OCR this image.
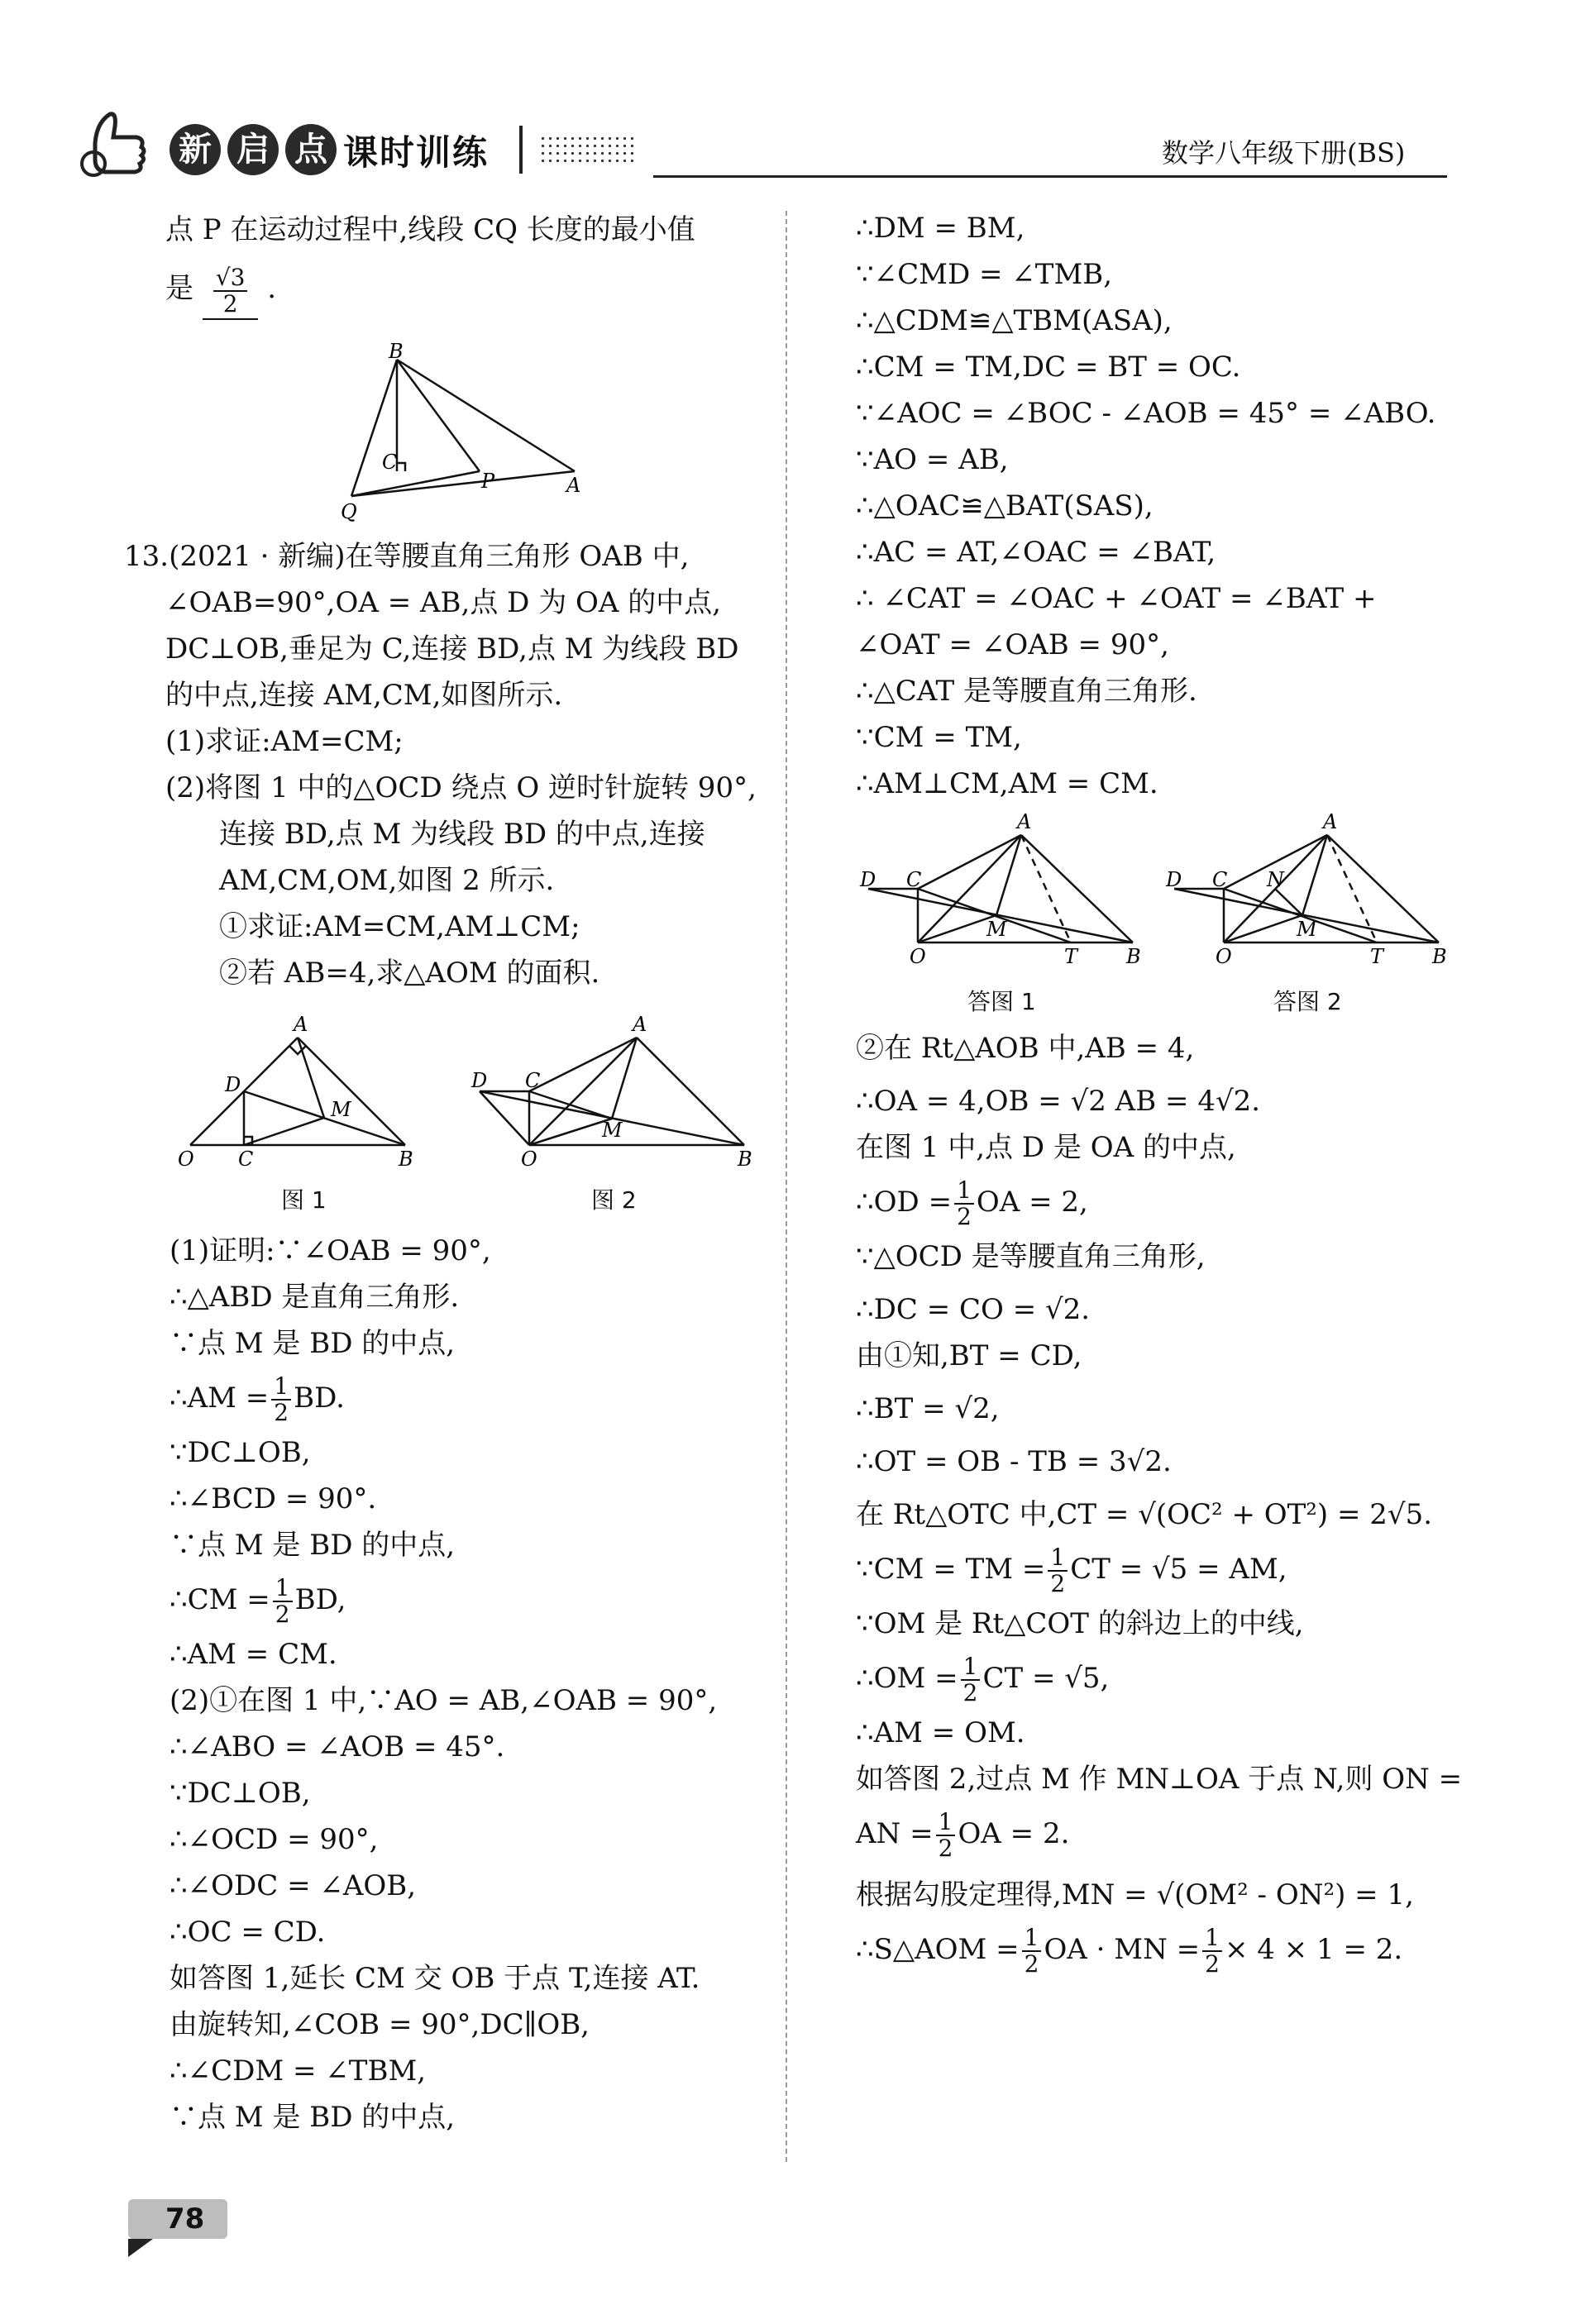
新 启 点 课时训练	数学八年级下册(BS)

点 P 在运动过程中,线段 CQ 长度的最小值

是 $\frac{√3}{2}$ .

B
C
P	A
Q

13.(2021 · 新编)在等腰直角三角形 OAB 中,

∠OAB=90°,OA = AB,点 D 为 OA 的中点,

DC⊥OB,垂足为 C,连接 BD,点 M 为线段 BD

的中点,连接 AM,CM,如图所示.

(1)求证:AM=CM;

(2)将图 1 中的△OCD 绕点 O 逆时针旋转 90°,

连接 BD,点 M 为线段 BD 的中点,连接

AM,CM,OM,如图 2 所示.

①求证:AM=CM,AM⊥CM;

②若 AB=4,求△AOM 的面积.

A
D
M
O C	B
图 1
A
D C
M
O	B
图 2

(1)证明:∵∠OAB = 90°,

∴△ABD 是直角三角形.

∵点 M 是 BD 的中点,

∴AM = $\frac{1}{2}$ BD.

∵DC⊥OB,

∴∠BCD = 90°.

∵点 M 是 BD 的中点,

∴CM = $\frac{1}{2}$ BD,

∴AM = CM.

(2)①在图 1 中,∵AO = AB,∠OAB = 90°,

∴∠ABO = ∠AOB = 45°.

∵DC⊥OB,

∴∠OCD = 90°,

∴∠ODC = ∠AOB,

∴OC = CD.

如答图 1,延长 CM 交 OB 于点 T,连接 AT.

由旋转知,∠COB = 90°,DC∥OB,

∴∠CDM = ∠TBM,

∵点 M 是 BD 的中点,

∴DM = BM,

∵∠CMD = ∠TMB,

∴△CDM≌△TBM(ASA),

∴CM = TM,DC = BT = OC.

∵∠AOC = ∠BOC - ∠AOB = 45° = ∠ABO.

∵AO = AB,

∴△OAC≌△BAT(SAS),

∴AC = AT,∠OAC = ∠BAT,

∴ ∠CAT = ∠OAC + ∠OAT = ∠BAT +

∠OAT = ∠OAB = 90°,

∴△CAT 是等腰直角三角形.

∵CM = TM,

∴AM⊥CM,AM = CM.

A
D C
M
O	T B
答图 1
A
D C N
M
O	T B
答图 2

②在 Rt△AOB 中,AB = 4,

∴OA = 4,OB = √2 AB = 4√2.

在图 1 中,点 D 是 OA 的中点,

∴OD = $\frac{1}{2}$ OA = 2,

∵△OCD 是等腰直角三角形,

∴DC = CO = √2.

由①知,BT = CD,

∴BT = √2,

∴OT = OB - TB = 3√2.

在 Rt△OTC 中,CT = √(OC² + OT²) = 2√5.

∵CM = TM = $\frac{1}{2}$ CT = √5 = AM,

∵OM 是 Rt△COT 的斜边上的中线,

∴OM = $\frac{1}{2}$ CT = √5,

∴AM = OM.

如答图 2,过点 M 作 MN⊥OA 于点 N,则 ON =

AN = $\frac{1}{2}$ OA = 2.

根据勾股定理得,MN = √(OM² - ON²) = 1,

∴S△AOM = $\frac{1}{2}$ OA · MN = $\frac{1}{2} \times 4 \times 1 = 2$.

78
